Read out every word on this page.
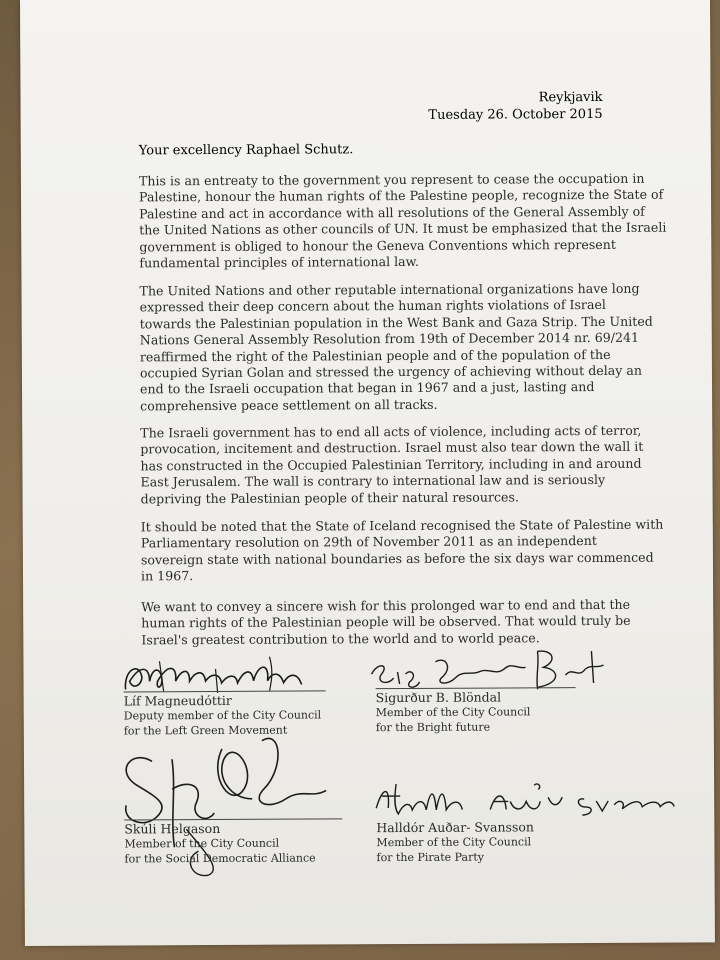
Reykjavik
Tuesday 26. October 2015
Your excellency Raphael Schutz.
This is an entreaty to the government you represent to cease the occupation in
Palestine, honour the human rights of the Palestine people, recognize the State of
Palestine and act in accordance with all resolutions of the General Assembly of
the United Nations as other councils of UN. It must be emphasized that the Israeli
government is obliged to honour the Geneva Conventions which represent
fundamental principles of international law.
The United Nations and other reputable international organizations have long
expressed their deep concern about the human rights violations of Israel
towards the Palestinian population in the West Bank and Gaza Strip. The United
Nations General Assembly Resolution from 19th of December 2014 nr. 69/241
reaffirmed the right of the Palestinian people and of the population of the
occupied Syrian Golan and stressed the urgency of achieving without delay an
end to the Israeli occupation that began in 1967 and a just, lasting and
comprehensive peace settlement on all tracks.
The Israeli government has to end all acts of violence, including acts of terror,
provocation, incitement and destruction. Israel must also tear down the wall it
has constructed in the Occupied Palestinian Territory, including in and around
East Jerusalem. The wall is contrary to international law and is seriously
depriving the Palestinian people of their natural resources.
It should be noted that the State of Iceland recognised the State of Palestine with
Parliamentary resolution on 29th of November 2011 as an independent
sovereign state with national boundaries as before the six days war commenced
in 1967.
We want to convey a sincere wish for this prolonged war to end and that the
human rights of the Palestinian people will be observed. That would truly be
Israel's greatest contribution to the world and to world peace.
Líf Magneudóttir
Deputy member of the City Council
for the Left Green Movement
Sigurður B. Blöndal
Member of the City Council
for the Bright future
Skúli Helgason
Member of the City Council
for the Social Democratic Alliance
Halldór Auðar- Svansson
Member of the City Council
for the Pirate Party
